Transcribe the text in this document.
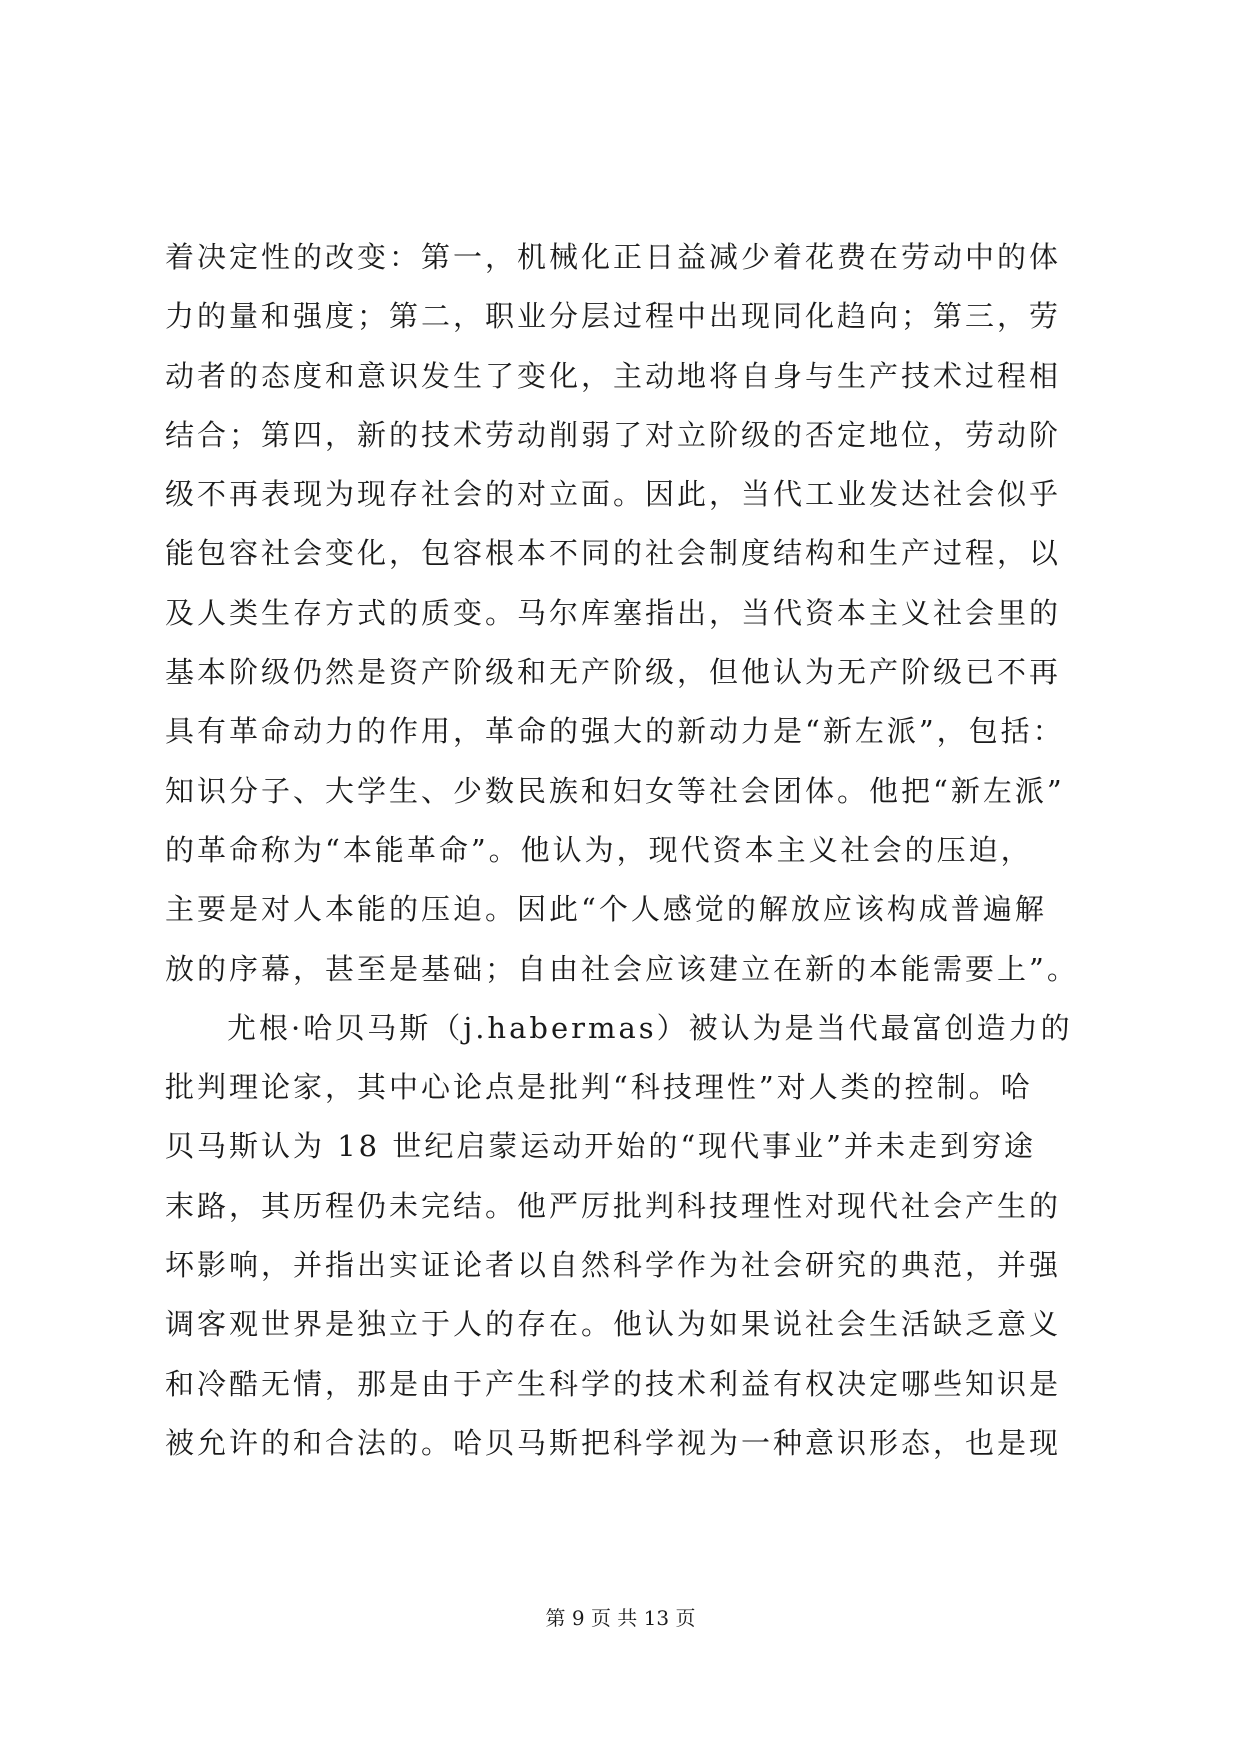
着决定性的改变：第一，机械化正日益减少着花费在劳动中的体
力的量和强度；第二，职业分层过程中出现同化趋向；第三，劳
动者的态度和意识发生了变化，主动地将自身与生产技术过程相
结合；第四，新的技术劳动削弱了对立阶级的否定地位，劳动阶
级不再表现为现存社会的对立面。因此，当代工业发达社会似乎
能包容社会变化，包容根本不同的社会制度结构和生产过程，以
及人类生存方式的质变。马尔库塞指出，当代资本主义社会里的
基本阶级仍然是资产阶级和无产阶级，但他认为无产阶级已不再
具有革命动力的作用，革命的强大的新动力是“新左派”，包括：
知识分子、大学生、少数民族和妇女等社会团体。他把“新左派”
的革命称为“本能革命”。他认为，现代资本主义社会的压迫，
主要是对人本能的压迫。因此“个人感觉的解放应该构成普遍解
放的序幕，甚至是基础；自由社会应该建立在新的本能需要上”。
尤根·哈贝马斯（j.habermas）被认为是当代最富创造力的
批判理论家，其中心论点是批判“科技理性”对人类的控制。哈
贝马斯认为 18 世纪启蒙运动开始的“现代事业”并未走到穷途
末路，其历程仍未完结。他严厉批判科技理性对现代社会产生的
坏影响，并指出实证论者以自然科学作为社会研究的典范，并强
调客观世界是独立于人的存在。他认为如果说社会生活缺乏意义
和冷酷无情，那是由于产生科学的技术利益有权决定哪些知识是
被允许的和合法的。哈贝马斯把科学视为一种意识形态，也是现
第 9 页 共 13 页
